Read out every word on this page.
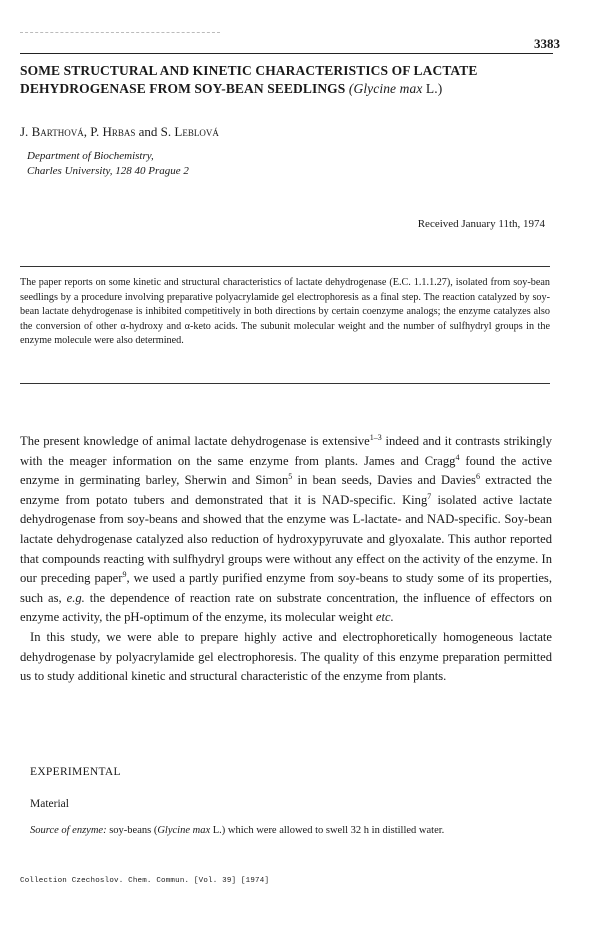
3383
SOME STRUCTURAL AND KINETIC CHARACTERISTICS OF LACTATE DEHYDROGENASE FROM SOY-BEAN SEEDLINGS (Glycine max L.)
J. Barthová, P. Hrbas and S. Leblová
Department of Biochemistry,
Charles University, 128 40 Prague 2
Received January 11th, 1974
The paper reports on some kinetic and structural characteristics of lactate dehydrogenase (E.C. 1.1.1.27), isolated from soy-bean seedlings by a procedure involving preparative polyacrylamide gel electrophoresis as a final step. The reaction catalyzed by soy-bean lactate dehydrogenase is inhibited competitively in both directions by certain coenzyme analogs; the enzyme catalyzes also the conversion of other α-hydroxy and α-keto acids. The subunit molecular weight and the number of sulfhydryl groups in the enzyme molecule were also determined.

The present knowledge of animal lactate dehydrogenase is extensive$^{1-3}$ indeed and it contrasts strikingly with the meager information on the same enzyme from plants. James and Cragg$^4$ found the active enzyme in germinating barley, Sherwin and Simon$^5$ in bean seeds, Davies and Davies$^6$ extracted the enzyme from potato tubers and demonstrated that it is NAD-specific. King$^7$ isolated active lactate dehydrogenase from soy-beans and showed that the enzyme was L-lactate- and NAD-specific. Soy-bean lactate dehydrogenase catalyzed also reduction of hydroxypyruvate and glyoxalate. This author reported that compounds reacting with sulfhydryl groups were without any effect on the activity of the enzyme. In our preceding paper$^9$, we used a partly purified enzyme from soy-beans to study some of its properties, such as, e.g. the dependence of reaction rate on substrate concentration, the influence of effectors on enzyme activity, the pH-optimum of the enzyme, its molecular weight etc.

In this study, we were able to prepare highly active and electrophoretically homogeneous lactate dehydrogenase by polyacrylamide gel electrophoresis. The quality of this enzyme preparation permitted us to study additional kinetic and structural characteristic of the enzyme from plants.

EXPERIMENTAL
Material
Source of enzyme: soy-beans (Glycine max L.) which were allowed to swell 32 h in distilled water.
Collection Czechoslov. Chem. Commun. [Vol. 39] [1974]
